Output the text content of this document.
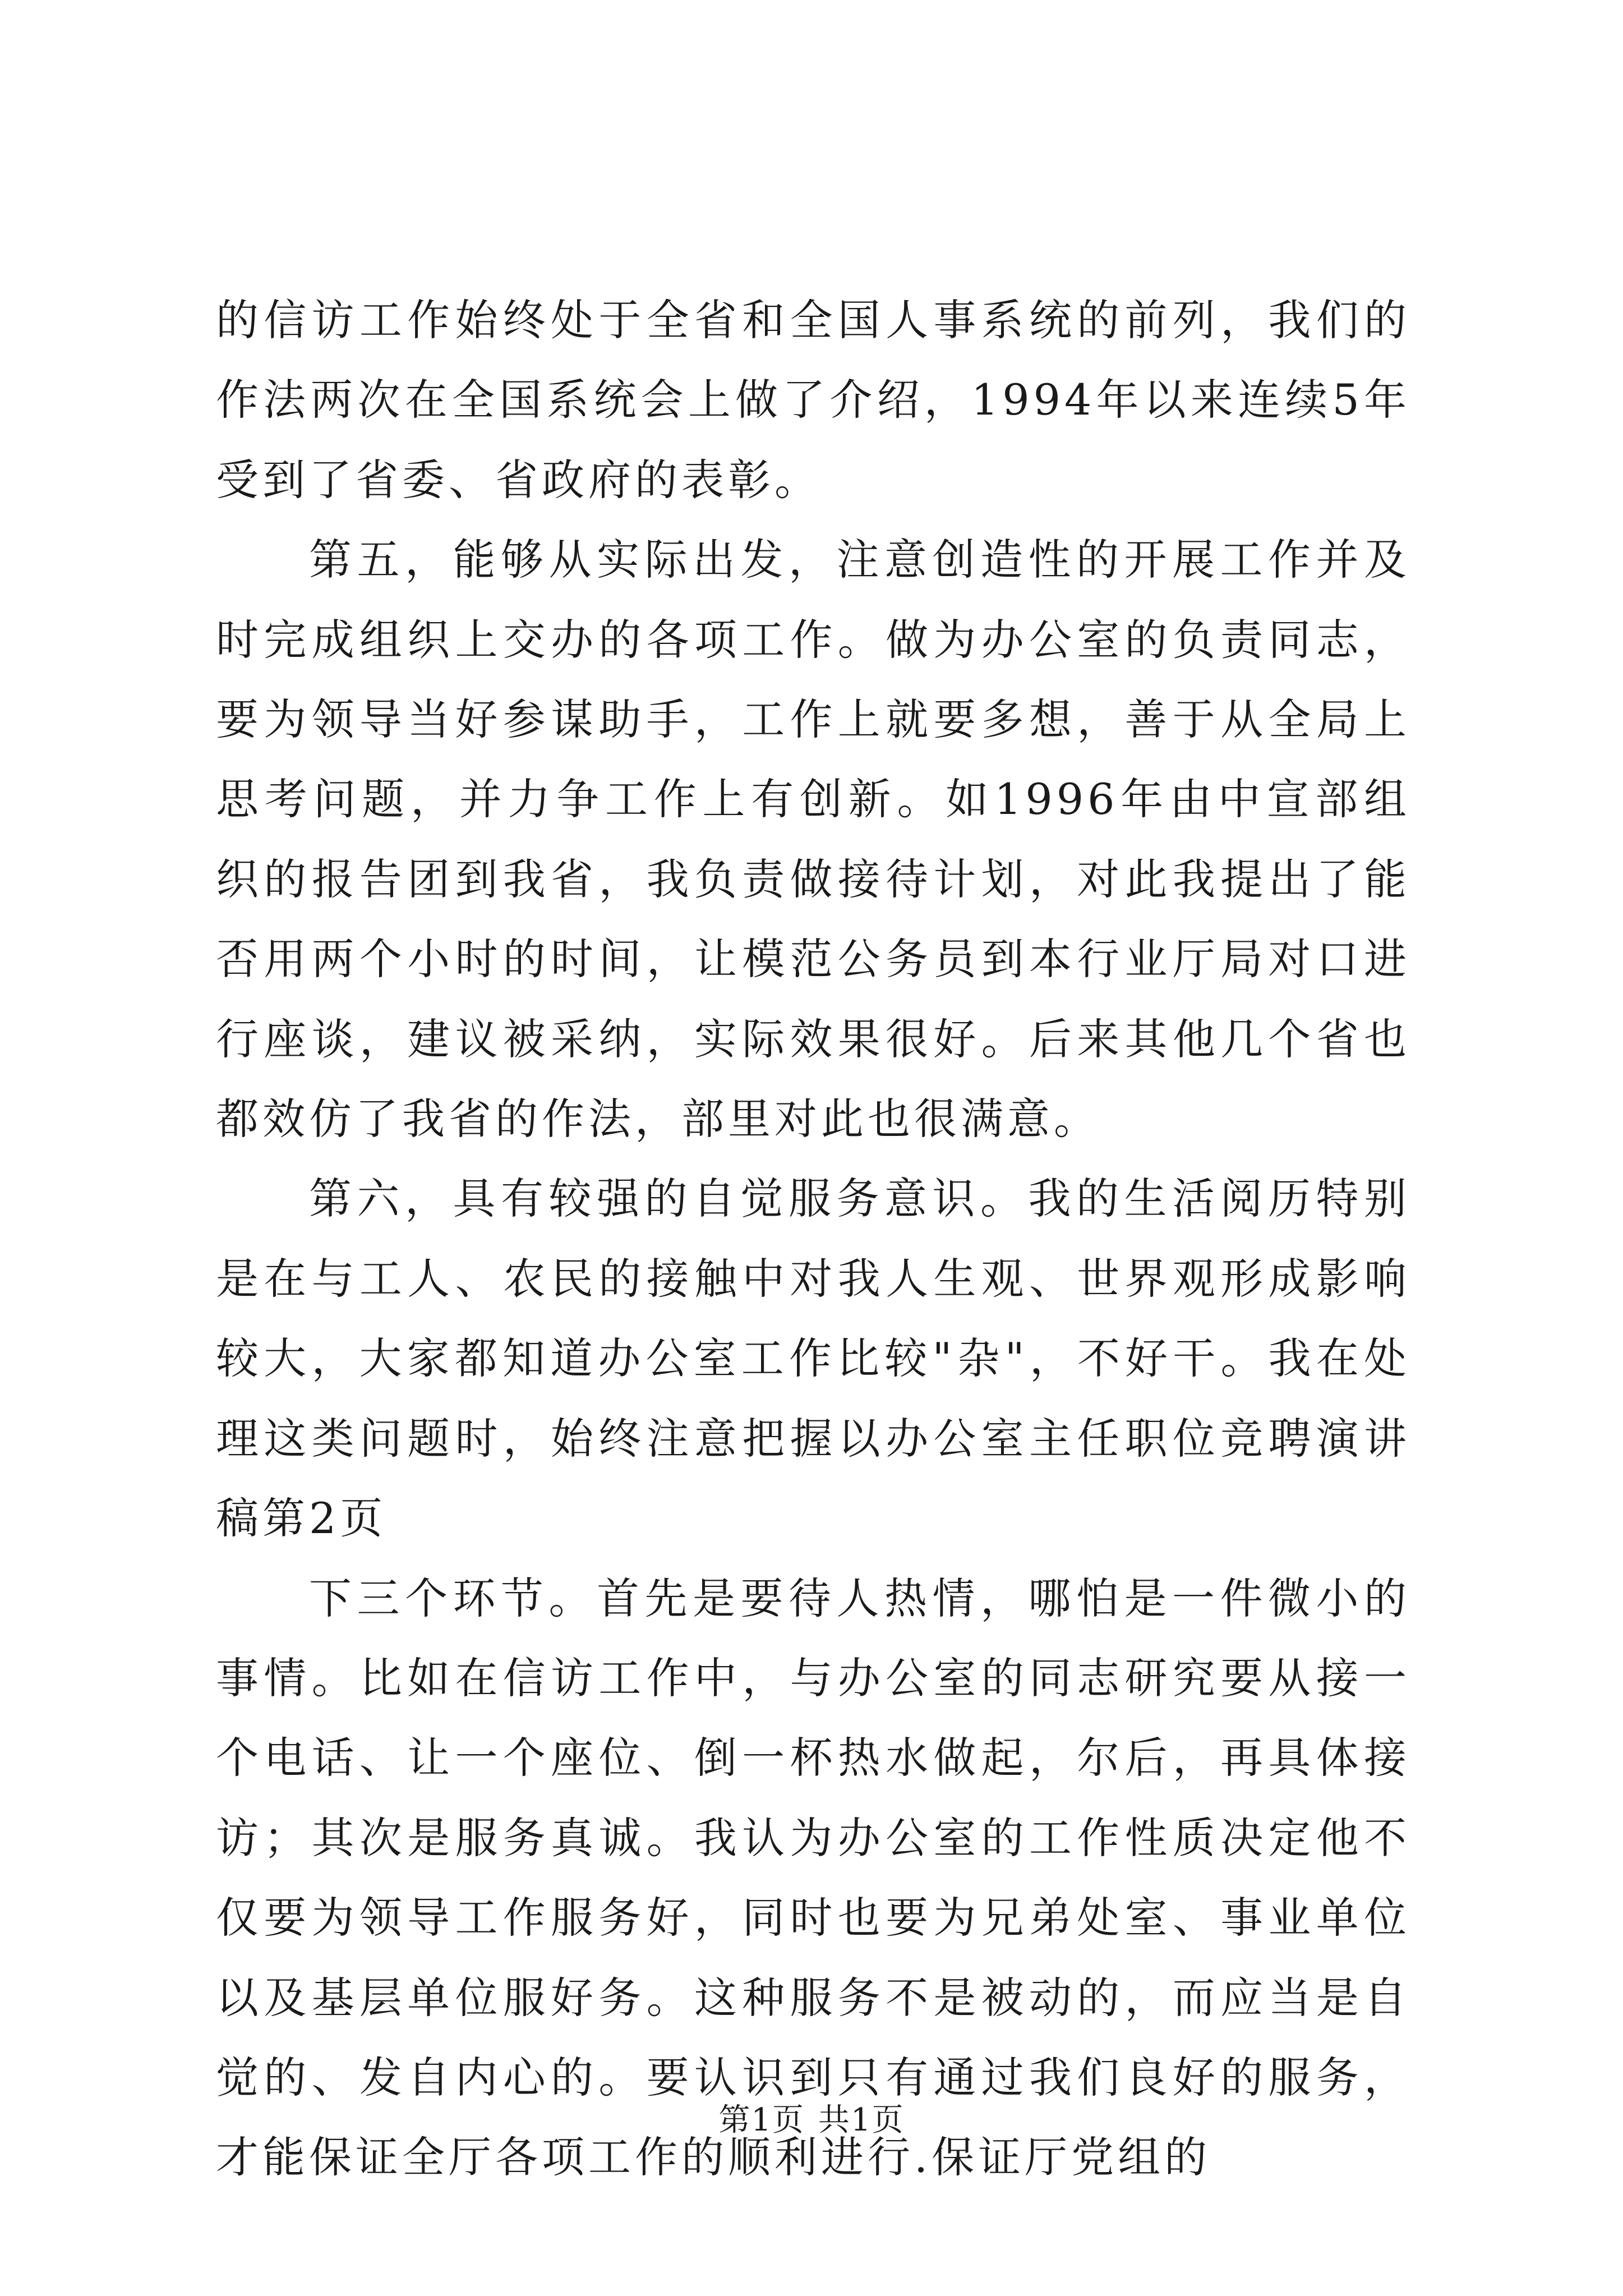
的信访工作始终处于全省和全国人事系统的前列，我们的作法两次在全国系统会上做了介绍，1994年以来连续5年受到了省委、省政府的表彰。

第五，能够从实际出发，注意创造性的开展工作并及时完成组织上交办的各项工作。做为办公室的负责同志，要为领导当好参谋助手，工作上就要多想，善于从全局上思考问题，并力争工作上有创新。如1996年由中宣部组织的报告团到我省，我负责做接待计划，对此我提出了能否用两个小时的时间，让模范公务员到本行业厅局对口进行座谈，建议被采纳，实际效果很好。后来其他几个省也都效仿了我省的作法，部里对此也很满意。

第六，具有较强的自觉服务意识。我的生活阅历特别是在与工人、农民的接触中对我人生观、世界观形成影响较大，大家都知道办公室工作比较"杂"，不好干。我在处理这类问题时，始终注意把握以办公室主任职位竞聘演讲稿第2页

下三个环节。首先是要待人热情，哪怕是一件微小的事情。比如在信访工作中，与办公室的同志研究要从接一个电话、让一个座位、倒一杯热水做起，尔后，再具体接访；其次是服务真诚。我认为办公室的工作性质决定他不仅要为领导工作服务好，同时也要为兄弟处室、事业单位以及基层单位服好务。这种服务不是被动的，而应当是自觉的、发自内心的。要认识到只有通过我们良好的服务，才能保证全厅各项工作的顺利进行.保证厅党组的

第1页 共1页
